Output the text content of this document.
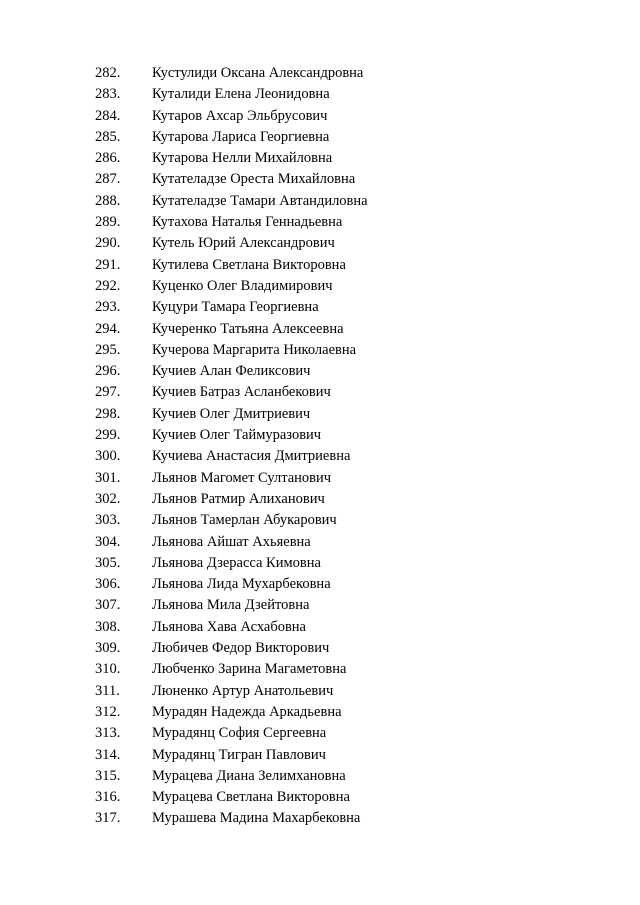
282. Кустулиди Оксана Александровна
283. Куталиди Елена Леонидовна
284. Кутаров Ахсар Эльбрусович
285. Кутарова Лариса Георгиевна
286. Кутарова Нелли Михайловна
287. Кутателадзе Ореста Михайловна
288. Кутателадзе Тамари Автандиловна
289. Кутахова Наталья Геннадьевна
290. Кутель Юрий Александрович
291. Кутилева Светлана Викторовна
292. Куценко Олег Владимирович
293. Куцури Тамара Георгиевна
294. Кучеренко Татьяна Алексеевна
295. Кучерова Маргарита Николаевна
296. Кучиев Алан Феликсович
297. Кучиев Батраз Асланбекович
298. Кучиев Олег Дмитриевич
299. Кучиев Олег Таймуразович
300. Кучиева Анастасия Дмитриевна
301. Льянов Магомет Султанович
302. Льянов Ратмир Алиханович
303. Льянов Тамерлан Абукарович
304. Льянова Айшат Ахьяевна
305. Льянова Дзерасса Кимовна
306. Льянова Лида Мухарбековна
307. Льянова Мила Дзейтовна
308. Льянова Хава Асхабовна
309. Любичев Федор Викторович
310. Любченко Зарина Магаметовна
311. Люненко Артур Анатольевич
312. Мурадян Надежда Аркадьевна
313. Мурадянц София Сергеевна
314. Мурадянц Тигран Павлович
315. Мурацева Диана Зелимхановна
316. Мурацева Светлана Викторовна
317. Мурашева Мадина Махарбековна
